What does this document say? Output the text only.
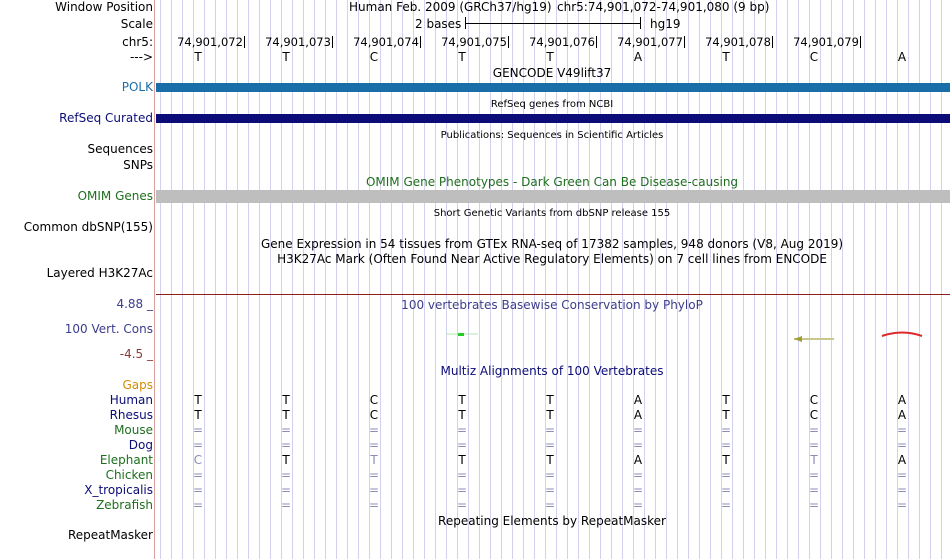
Window Position	Human Feb. 2009 (GRCh37/hg19) chr5:74,901,072-74,901,080 (9 bp)
Scale	2 bases	hg19
chr5: 74,901,072 74,901,073 74,901,074 74,901,075 74,901,076 74,901,077 74,901,078 74,901,079
--->	T	T	C	T	T	A	T	C	A
GENCODE V49lift37
POLK
RefSeq genes from NCBI
RefSeq Curated
Publications: Sequences in Scientific Articles
Sequences
SNPs
OMIM Gene Phenotypes - Dark Green Can Be Disease-causing
OMIM Genes
Short Genetic Variants from dbSNP release 155
Common dbSNP(155)
Gene Expression in 54 tissues from GTEx RNA-seq of 17382 samples, 948 donors (V8, Aug 2019)
H3K27Ac Mark (Often Found Near Active Regulatory Elements) on 7 cell lines from ENCODE
Layered H3K27Ac
100 vertebrates Basewise Conservation by PhyloP
4.88 _
100 Vert. Cons
-4.5 _
Multiz Alignments of 100 Vertebrates
Gaps
Human	T	T	C	T	T	A	T	C	A
Rhesus	T	T	C	T	T	A	T	C	A
Mouse	=	=	=	=	=	=	=	=	=
Dog	=	=	=	=	=	=	=	=	=
Elephant	C	T	T	T	T	A	T	T	A
Chicken	=	=	=	=	=	=	=	=	=
X_tropicalis	=	=	=	=	=	=	=	=	=
Zebrafish	=	=	=	=	=	=	=	=	=
Repeating Elements by RepeatMasker
RepeatMasker
